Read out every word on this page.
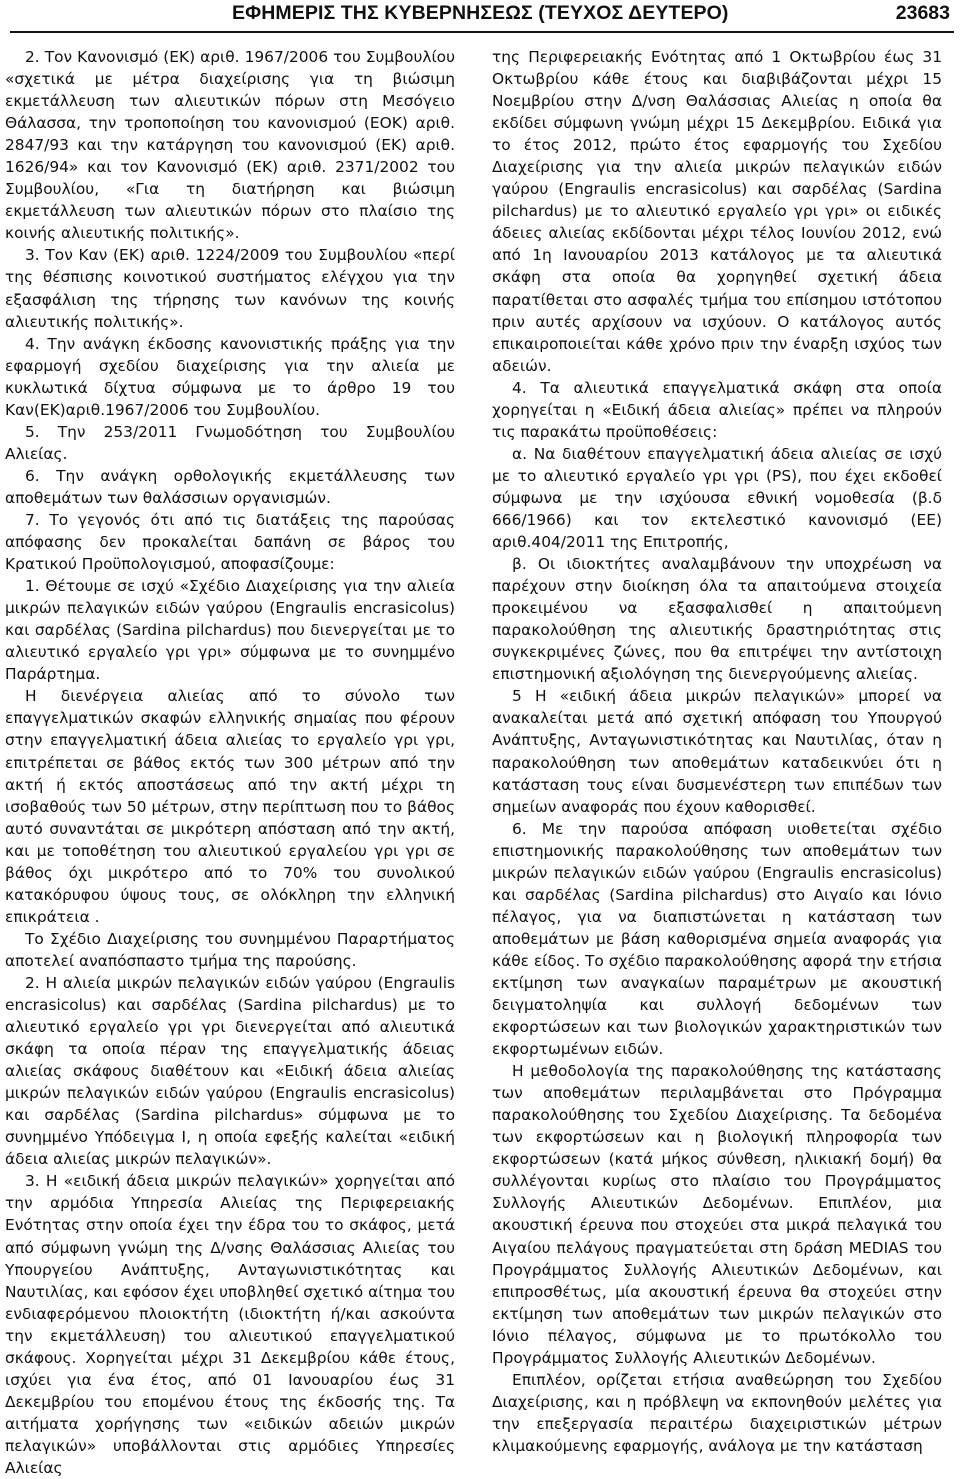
ΕΦΗΜΕΡΙΣ ΤΗΣ ΚΥΒΕΡΝΗΣΕΩΣ (ΤΕΥΧΟΣ ΔΕΥΤΕΡΟ)	23683

2. Τον Κανονισμό (ΕΚ) αριθ. 1967/2006 του Συμβουλίου «σχετικά με μέτρα διαχείρισης για τη βιώσιμη εκμετάλλευση των αλιευτικών πόρων στη Μεσόγειο Θάλασσα, την τροποποίηση του κανονισμού (ΕΟΚ) αριθ. 2847/93 και την κατάργηση του κανονισμού (ΕΚ) αριθ. 1626/94» και τον Κανονισμό (ΕΚ) αριθ. 2371/2002 του Συμβουλίου, «Για τη διατήρηση και βιώσιμη εκμετάλλευση των αλιευτικών πόρων στο πλαίσιο της κοινής αλιευτικής πολιτικής».

3. Τον Καν (ΕΚ) αριθ. 1224/2009 του Συμβουλίου «περί της θέσπισης κοινοτικού συστήματος ελέγχου για την εξασφάλιση της τήρησης των κανόνων της κοινής αλιευτικής πολιτικής».

4. Την ανάγκη έκδοσης κανονιστικής πράξης για την εφαρμογή σχεδίου διαχείρισης για την αλιεία με κυκλωτικά δίχτυα σύμφωνα με το άρθρο 19 του Καν(ΕΚ)αριθ.1967/2006 του Συμβουλίου.

5. Την 253/2011 Γνωμοδότηση του Συμβουλίου Αλιείας.

6. Την ανάγκη ορθολογικής εκμετάλλευσης των αποθεμάτων των θαλάσσιων οργανισμών.

7. Το γεγονός ότι από τις διατάξεις της παρούσας απόφασης δεν προκαλείται δαπάνη σε βάρος του Κρατικού Προϋπολογισμού, αποφασίζουμε:

1. Θέτουμε σε ισχύ «Σχέδιο Διαχείρισης για την αλιεία μικρών πελαγικών ειδών γαύρου (Engraulis encrasicolus) και σαρδέλας (Sardina pilchardus) που διενεργείται με το αλιευτικό εργαλείο γρι γρι» σύμφωνα με το συνημμένο Παράρτημα.

Η διενέργεια αλιείας από το σύνολο των επαγγελματικών σκαφών ελληνικής σημαίας που φέρουν στην επαγγελματική άδεια αλιείας το εργαλείο γρι γρι, επιτρέπεται σε βάθος εκτός των 300 μέτρων από την ακτή ή εκτός αποστάσεως από την ακτή μέχρι τη ισοβαθούς των 50 μέτρων, στην περίπτωση που το βάθος αυτό συναντάται σε μικρότερη απόσταση από την ακτή, και με τοποθέτηση του αλιευτικού εργαλείου γρι γρι σε βάθος όχι μικρότερο από το 70% του συνολικού κατακόρυφου ύψους τους, σε ολόκληρη την ελληνική επικράτεια .

Το Σχέδιο Διαχείρισης του συνημμένου Παραρτήματος αποτελεί αναπόσπαστο τμήμα της παρούσης.

2. Η αλιεία μικρών πελαγικών ειδών γαύρου (Engraulis encrasicolus) και σαρδέλας (Sardina pilchardus) με το αλιευτικό εργαλείο γρι γρι διενεργείται από αλιευτικά σκάφη τα οποία πέραν της επαγγελματικής άδειας αλιείας σκάφους διαθέτουν και «Ειδική άδεια αλιείας μικρών πελαγικών ειδών γαύρου (Engraulis encrasicolus) και σαρδέλας (Sardina pilchardus» σύμφωνα με το συνημμένο Υπόδειγμα Ι, η οποία εφεξής καλείται «ειδική άδεια αλιείας μικρών πελαγικών».

3. Η «ειδική άδεια μικρών πελαγικών» χορηγείται από την αρμόδια Υπηρεσία Αλιείας της Περιφερειακής Ενότητας στην οποία έχει την έδρα του το σκάφος, μετά από σύμφωνη γνώμη της Δ/νσης Θαλάσσιας Αλιείας του Υπουργείου Ανάπτυξης, Ανταγωνιστικότητας και Ναυτιλίας, και εφόσον έχει υποβληθεί σχετικό αίτημα του ενδιαφερόμενου πλοιοκτήτη (ιδιοκτήτη ή/και ασκούντα την εκμετάλλευση) του αλιευτικού επαγγελματικού σκάφους. Χορηγείται μέχρι 31 Δεκεμβρίου κάθε έτους, ισχύει για ένα έτος, από 01 Ιανουαρίου έως 31 Δεκεμβρίου του επομένου έτους της έκδοσής της. Τα αιτήματα χορήγησης των «ειδικών αδειών μικρών πελαγικών» υποβάλλονται στις αρμόδιες Υπηρεσίες Αλιείας

της Περιφερειακής Ενότητας από 1 Οκτωβρίου έως 31 Οκτωβρίου κάθε έτους και διαβιβάζονται μέχρι 15 Νοεμβρίου στην Δ/νση Θαλάσσιας Αλιείας η οποία θα εκδίδει σύμφωνη γνώμη μέχρι 15 Δεκεμβρίου. Ειδικά για το έτος 2012, πρώτο έτος εφαρμογής του Σχεδίου Διαχείρισης για την αλιεία μικρών πελαγικών ειδών γαύρου (Engraulis encrasicolus) και σαρδέλας (Sardina pilchardus) με το αλιευτικό εργαλείο γρι γρι» οι ειδικές άδειες αλιείας εκδίδονται μέχρι τέλος Ιουνίου 2012, ενώ από 1η Ιανουαρίου 2013 κατάλογος με τα αλιευτικά σκάφη στα οποία θα χορηγηθεί σχετική άδεια παρατίθεται στο ασφαλές τμήμα του επίσημου ιστότοπου πριν αυτές αρχίσουν να ισχύουν. Ο κατάλογος αυτός επικαιροποιείται κάθε χρόνο πριν την έναρξη ισχύος των αδειών.

4. Τα αλιευτικά επαγγελματικά σκάφη στα οποία χορηγείται η «Ειδική άδεια αλιείας» πρέπει να πληρούν τις παρακάτω προϋποθέσεις:

α. Να διαθέτουν επαγγελματική άδεια αλιείας σε ισχύ με το αλιευτικό εργαλείο γρι γρι (PS), που έχει εκδοθεί σύμφωνα με την ισχύουσα εθνική νομοθεσία (β.δ 666/1966) και τον εκτελεστικό κανονισμό (ΕΕ) αριθ.404/2011 της Επιτροπής,

β. Οι ιδιοκτήτες αναλαμβάνουν την υποχρέωση να παρέχουν στην διοίκηση όλα τα απαιτούμενα στοιχεία προκειμένου να εξασφαλισθεί η απαιτούμενη παρακολούθηση της αλιευτικής δραστηριότητας στις συγκεκριμένες ζώνες, που θα επιτρέψει την αντίστοιχη επιστημονική αξιολόγηση της διενεργούμενης αλιείας.

5 Η «ειδική άδεια μικρών πελαγικών» μπορεί να ανακαλείται μετά από σχετική απόφαση του Υπουργού Ανάπτυξης, Ανταγωνιστικότητας και Ναυτιλίας, όταν η παρακολούθηση των αποθεμάτων καταδεικνύει ότι η κατάσταση τους είναι δυσμενέστερη των επιπέδων των σημείων αναφοράς που έχουν καθορισθεί.

6. Με την παρούσα απόφαση υιοθετείται σχέδιο επιστημονικής παρακολούθησης των αποθεμάτων των μικρών πελαγικών ειδών γαύρου (Engraulis encrasicolus) και σαρδέλας (Sardina pilchardus) στο Αιγαίο και Ιόνιο πέλαγος, για να διαπιστώνεται η κατάσταση των αποθεμάτων με βάση καθορισμένα σημεία αναφοράς για κάθε είδος. Το σχέδιο παρακολούθησης αφορά την ετήσια εκτίμηση των αναγκαίων παραμέτρων με ακουστική δειγματοληψία και συλλογή δεδομένων των εκφορτώσεων και των βιολογικών χαρακτηριστικών των εκφορτωμένων ειδών.

Η μεθοδολογία της παρακολούθησης της κατάστασης των αποθεμάτων περιλαμβάνεται στο Πρόγραμμα παρακολούθησης του Σχεδίου Διαχείρισης. Τα δεδομένα των εκφορτώσεων και η βιολογική πληροφορία των εκφορτώσεων (κατά μήκος σύνθεση, ηλικιακή δομή) θα συλλέγονται κυρίως στο πλαίσιο του Προγράμματος Συλλογής Αλιευτικών Δεδομένων. Επιπλέον, μια ακουστική έρευνα που στοχεύει στα μικρά πελαγικά του Αιγαίου πελάγους πραγματεύεται στη δράση MEDIAS του Προγράμματος Συλλογής Αλιευτικών Δεδομένων, και επιπροσθέτως, μία ακουστική έρευνα θα στοχεύει στην εκτίμηση των αποθεμάτων των μικρών πελαγικών στο Ιόνιο πέλαγος, σύμφωνα με το πρωτόκολλο του Προγράμματος Συλλογής Αλιευτικών Δεδομένων.

Επιπλέον, ορίζεται ετήσια αναθεώρηση του Σχεδίου Διαχείρισης, και η πρόβλεψη να εκπονηθούν μελέτες για την επεξεργασία περαιτέρω διαχειριστικών μέτρων κλιμακούμενης εφαρμογής, ανάλογα με την κατάσταση
